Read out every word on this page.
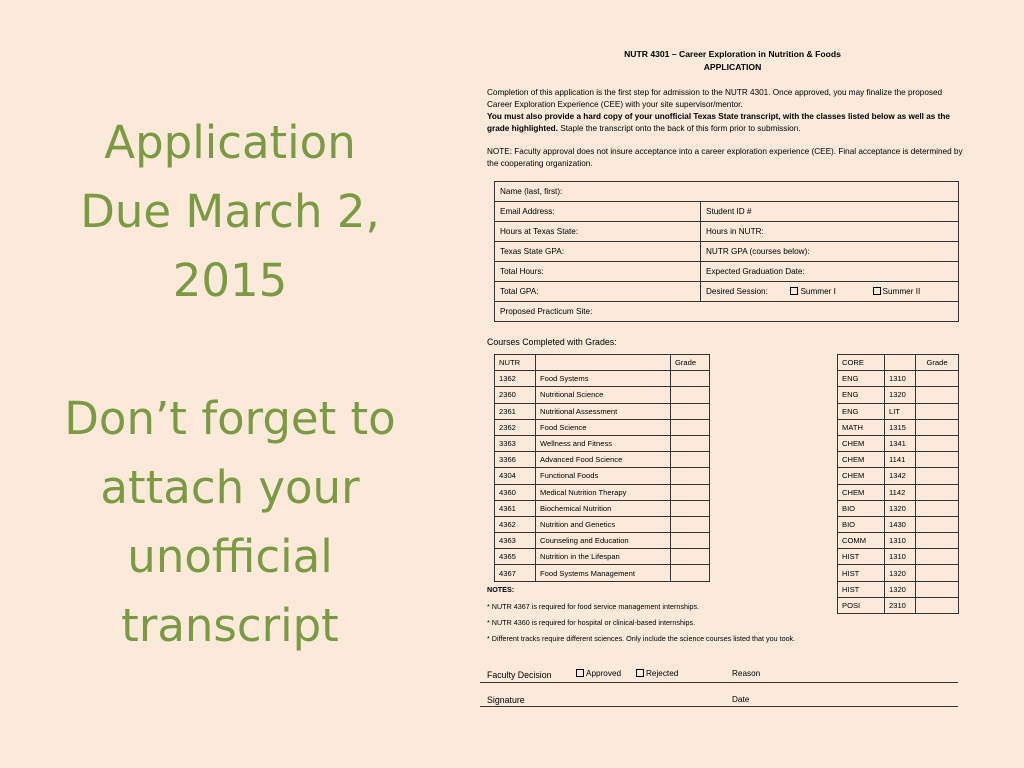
Application
Due March 2,
2015
Don’t forget to
attach your
unofficial
transcript
NUTR 4301 – Career Exploration in Nutrition & Foods
APPLICATION
Completion of this application is the first step for admission to the NUTR 4301. Once approved, you may finalize the proposed Career Exploration Experience (CEE) with your site supervisor/mentor.
You must also provide a hard copy of your unofficial Texas State transcript, with the classes listed below as well as the grade highlighted. Staple the transcript onto the back of this form prior to submission.
NOTE: Faculty approval does not insure acceptance into a career exploration experience (CEE). Final acceptance is determined by the cooperating organization.
Name (last, first):	
Email Address:	Student ID #
Hours at Texas State:	Hours in NUTR:
Texas State GPA:	NUTR GPA (courses below):
Total Hours:	Expected Graduation Date:
Total GPA:	Desired Session: Summer I Summer II
Proposed Practicum Site:	
Courses Completed with Grades:
NUTR		Grade
1362	Food Systems	
2360	Nutritional Science	
2361	Nutritional Assessment	
2362	Food Science	
3363	Wellness and Fitness	
3366	Advanced Food Science	
4304	Functional Foods	
4360	Medical Nutrition Therapy	
4361	Biochemical Nutrition	
4362	Nutrition and Genetics	
4363	Counseling and Education	
4365	Nutrition in the Lifespan	
4367	Food Systems Management	
CORE		Grade
ENG	1310	
ENG	1320	
ENG	LIT	
MATH	1315	
CHEM	1341	
CHEM	1141	
CHEM	1342	
CHEM	1142	
BIO	1320	
BIO	1430	
COMM	1310	
HIST	1310	
HIST	1320	
HIST	1320	
POSI	2310	
NOTES:
* NUTR 4367 is required for food service management internships.
* NUTR 4360 is required for hospital or clinical-based internships.
* Different tracks require different sciences. Only include the science courses listed that you took.
Faculty Decision	Approved	Rejected	Reason
Signature	Date
